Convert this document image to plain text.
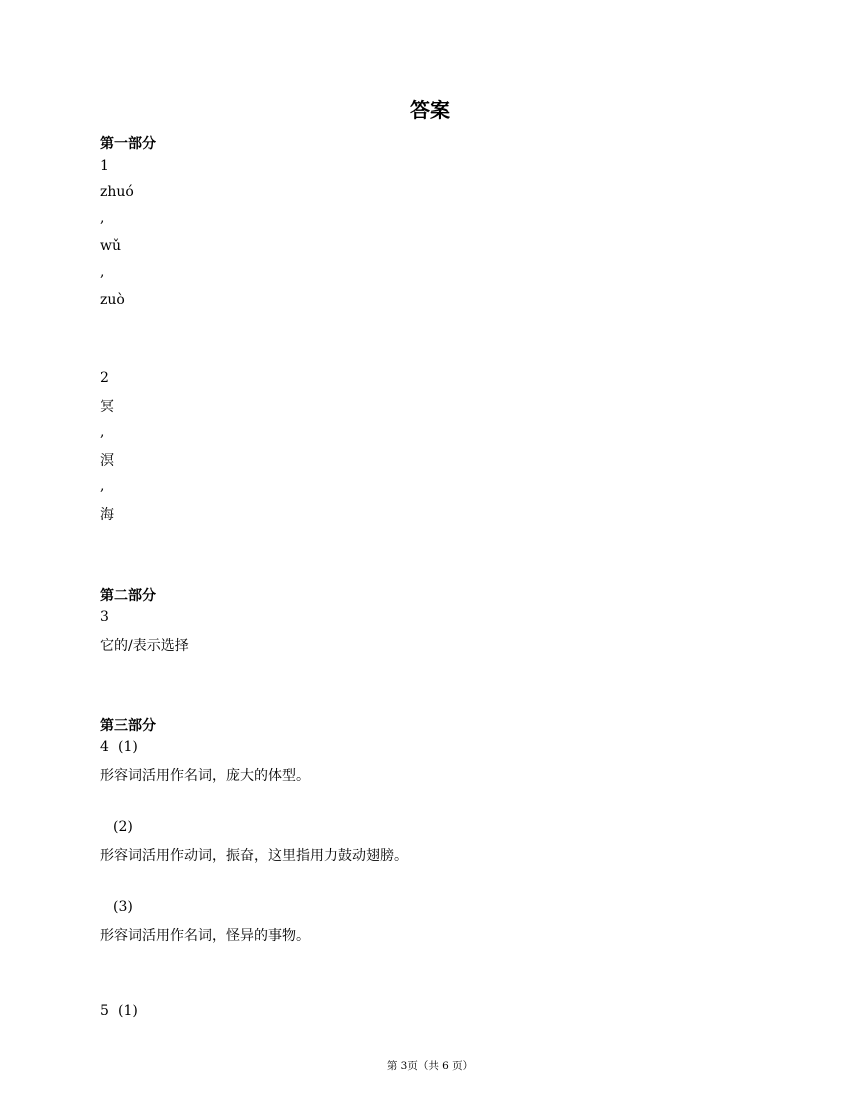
答案
第一部分
1
zhuó
,
wǔ
,
zuò
2
冥
,
溟
,
海
第二部分
3
它的/表示选择
第三部分
4 (1)
形容词活用作名词，庞大的体型。
(2)
形容词活用作动词，振奋，这里指用力鼓动翅膀。
(3)
形容词活用作名词，怪异的事物。
5 (1)
第 3页（共 6 页）
